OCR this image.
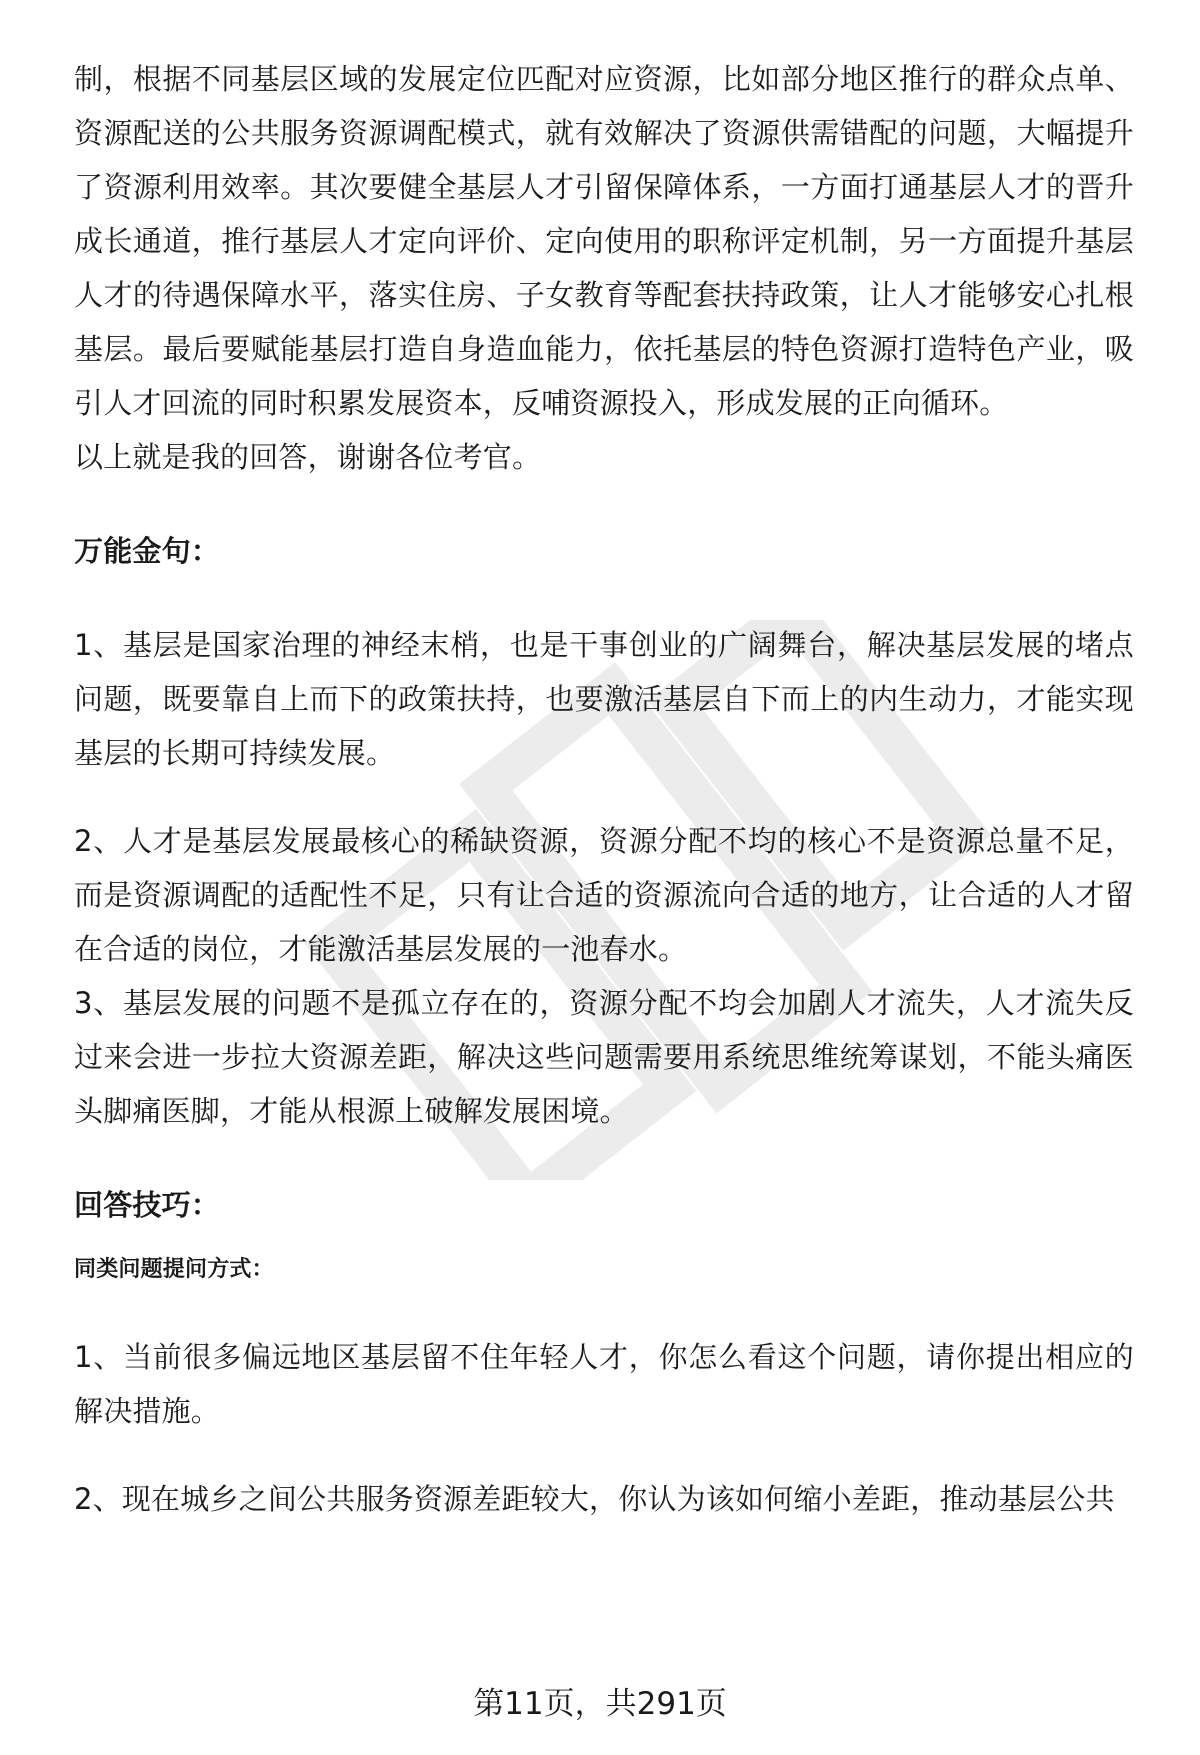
制，根据不同基层区域的发展定位匹配对应资源，比如部分地区推行的群众点单、资源配送的公共服务资源调配模式，就有效解决了资源供需错配的问题，大幅提升了资源利用效率。其次要健全基层人才引留保障体系，一方面打通基层人才的晋升成长通道，推行基层人才定向评价、定向使用的职称评定机制，另一方面提升基层人才的待遇保障水平，落实住房、子女教育等配套扶持政策，让人才能够安心扎根基层。最后要赋能基层打造自身造血能力，依托基层的特色资源打造特色产业，吸引人才回流的同时积累发展资本，反哺资源投入，形成发展的正向循环。

以上就是我的回答，谢谢各位考官。

万能金句：

1、基层是国家治理的神经末梢，也是干事创业的广阔舞台，解决基层发展的堵点问题，既要靠自上而下的政策扶持，也要激活基层自下而上的内生动力，才能实现基层的长期可持续发展。

2、人才是基层发展最核心的稀缺资源，资源分配不均的核心不是资源总量不足，而是资源调配的适配性不足，只有让合适的资源流向合适的地方，让合适的人才留在合适的岗位，才能激活基层发展的一池春水。

3、基层发展的问题不是孤立存在的，资源分配不均会加剧人才流失，人才流失反过来会进一步拉大资源差距，解决这些问题需要用系统思维统筹谋划，不能头痛医头脚痛医脚，才能从根源上破解发展困境。

回答技巧：

同类问题提问方式：

1、当前很多偏远地区基层留不住年轻人才，你怎么看这个问题，请你提出相应的解决措施。

2、现在城乡之间公共服务资源差距较大，你认为该如何缩小差距，推动基层公共

第11页，共291页
